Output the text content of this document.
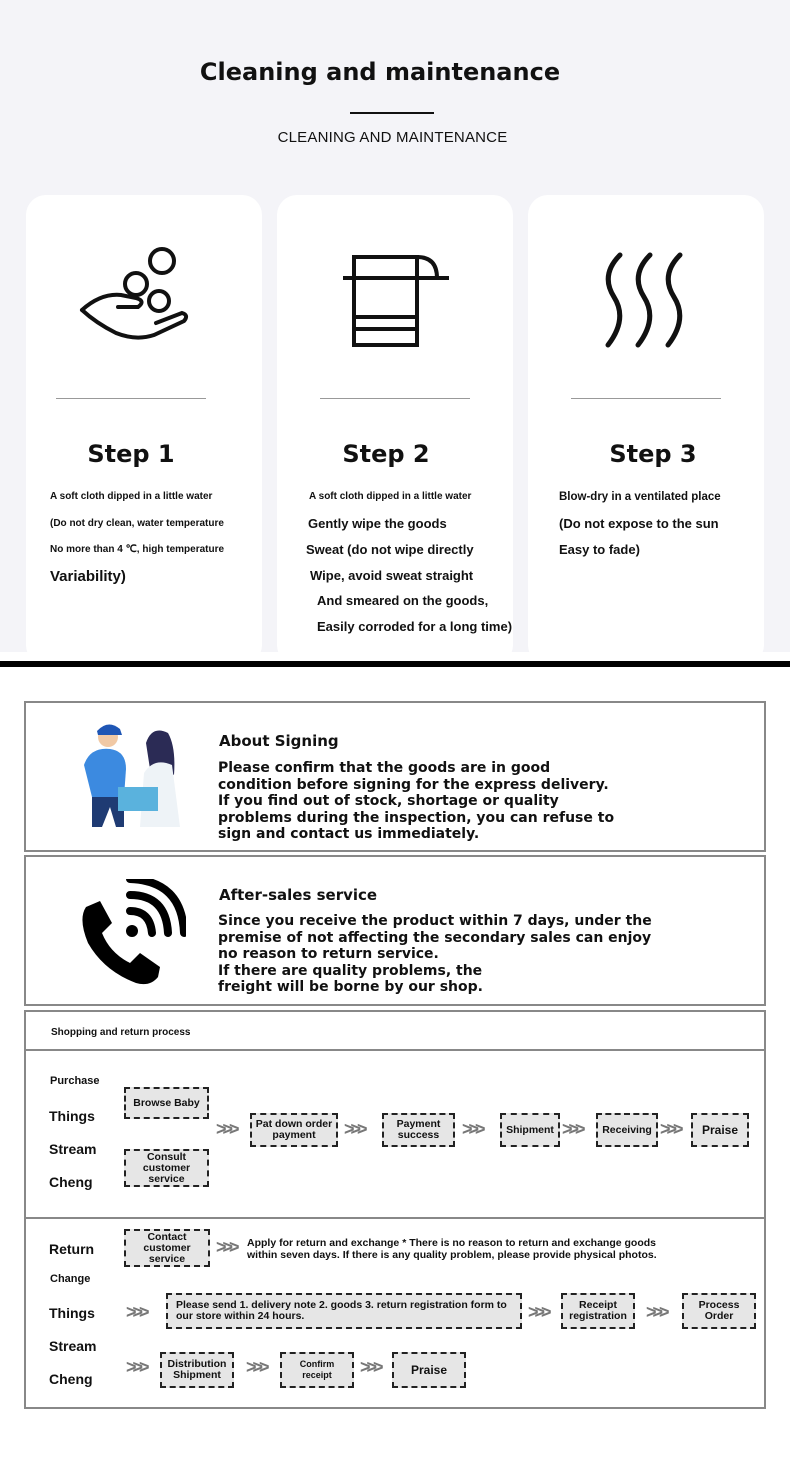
Cleaning and maintenance
CLEANING AND MAINTENANCE
Step 1
A soft cloth dipped in a little water
(Do not dry clean, water temperature
No more than 4 ℃, high temperature
Variability)
Step 2
A soft cloth dipped in a little water
Gently wipe the goods
Sweat (do not wipe directly
Wipe, avoid sweat straight
And smeared on the goods,
Easily corroded for a long time)
Step 3
Blow-dry in a ventilated place
(Do not expose to the sun
Easy to fade)
About Signing
Please confirm that the goods are in good
condition before signing for the express delivery.
If you find out of stock, shortage or quality
problems during the inspection, you can refuse to
sign and contact us immediately.
After-sales service
Since you receive the product within 7 days, under the
premise of not affecting the secondary sales can enjoy
no reason to return service.
If there are quality problems, the
freight will be borne by our shop.
Shopping and return process
Purchase
Things
Stream
Cheng
Browse Baby
Consult customer service
>>>	Pat down order payment	>>>	Payment success	>>>	Shipment >>>	Receiving >>>	Praise
Return
Change
Things
Stream
Cheng
Contact customer service
>>> Apply for return and exchange * There is no reason to return and exchange goods
within seven days. If there is any quality problem, please provide physical photos.
>>>	Please send 1. delivery note 2. goods 3. return registration form to our store within 24 hours.	>>>	Receipt registration	>>>	Process Order
>>>	Distribution Shipment	>>>	Confirm receipt	>>>	Praise
